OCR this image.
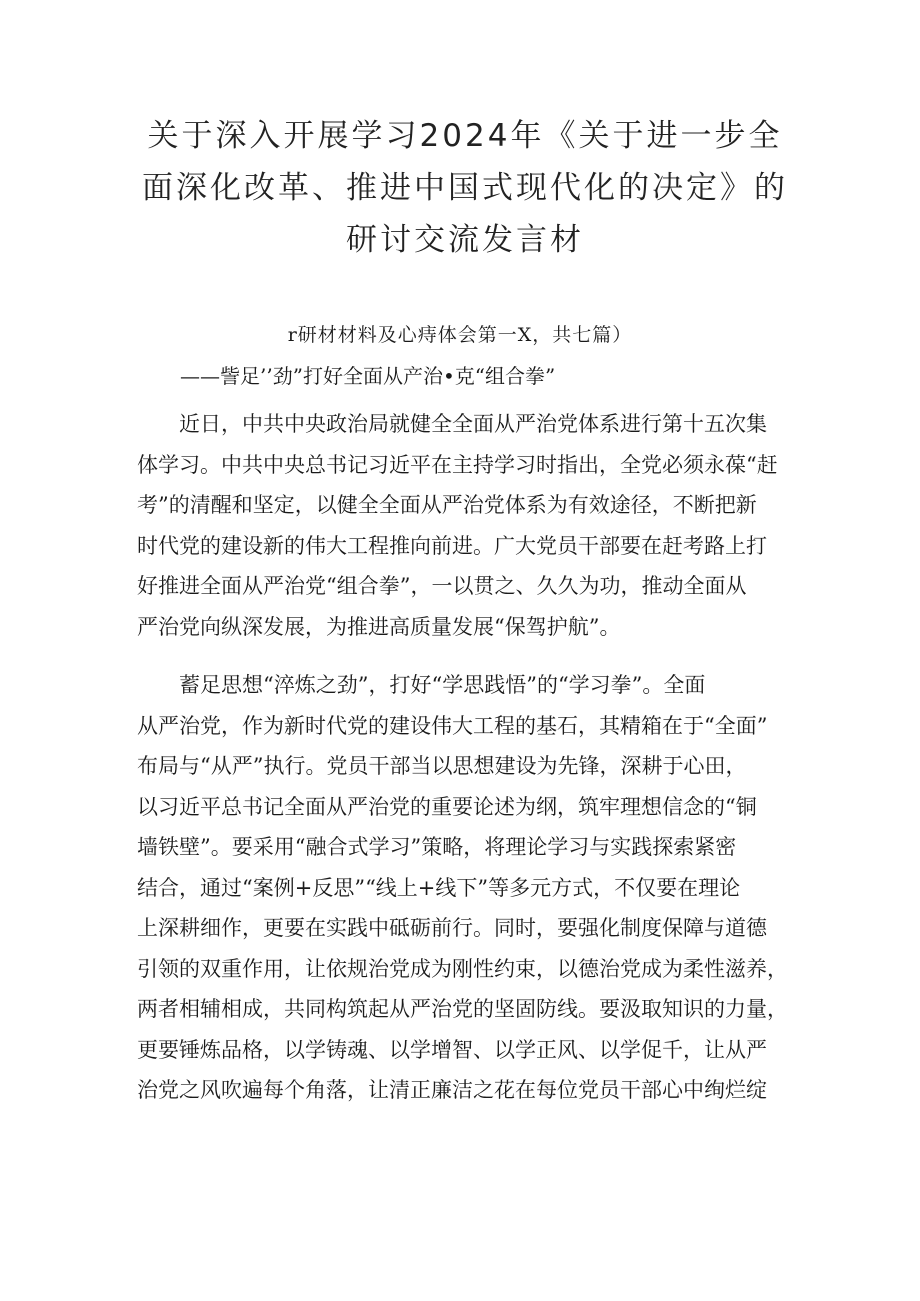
关于深入开展学习2024年《关于进一步全
面深化改革、推进中国式现代化的决定》的
研讨交流发言材

r研材材料及心痔体会第一X，共七篇）

——訾足’’劲”打好全面从产治•克“组合拳”

近日，中共中央政治局就健全全面从严治党体系进行第十五次集
体学习。中共中央总书记习近平在主持学习时指出，全党必须永葆“赶
考”的清醒和坚定，以健全全面从严治党体系为有效途径，不断把新
时代党的建设新的伟大工程推向前进。广大党员干部要在赶考路上打
好推进全面从严治党“组合拳”，一以贯之、久久为功，推动全面从
严治党向纵深发展，为推进高质量发展“保驾护航”。
蓄足思想“淬炼之劲”，打好“学思践悟”的“学习拳”。全面
从严治党，作为新时代党的建设伟大工程的基石，其精箱在于“全面”
布局与“从严”执行。党员干部当以思想建设为先锋，深耕于心田，
以习近平总书记全面从严治党的重要论述为纲，筑牢理想信念的“铜
墙铁壁”。要采用“融合式学习”策略，将理论学习与实践探索紧密
结合，通过“案例+反思”“线上+线下”等多元方式，不仅要在理论
上深耕细作，更要在实践中砥砺前行。同时，要强化制度保障与道德
引领的双重作用，让依规治党成为刚性约束，以德治党成为柔性滋养，
两者相辅相成，共同构筑起从严治党的坚固防线。要汲取知识的力量，
更要锤炼品格，以学铸魂、以学增智、以学正风、以学促千，让从严
治党之风吹遍每个角落，让清正廉洁之花在每位党员干部心中绚烂绽
